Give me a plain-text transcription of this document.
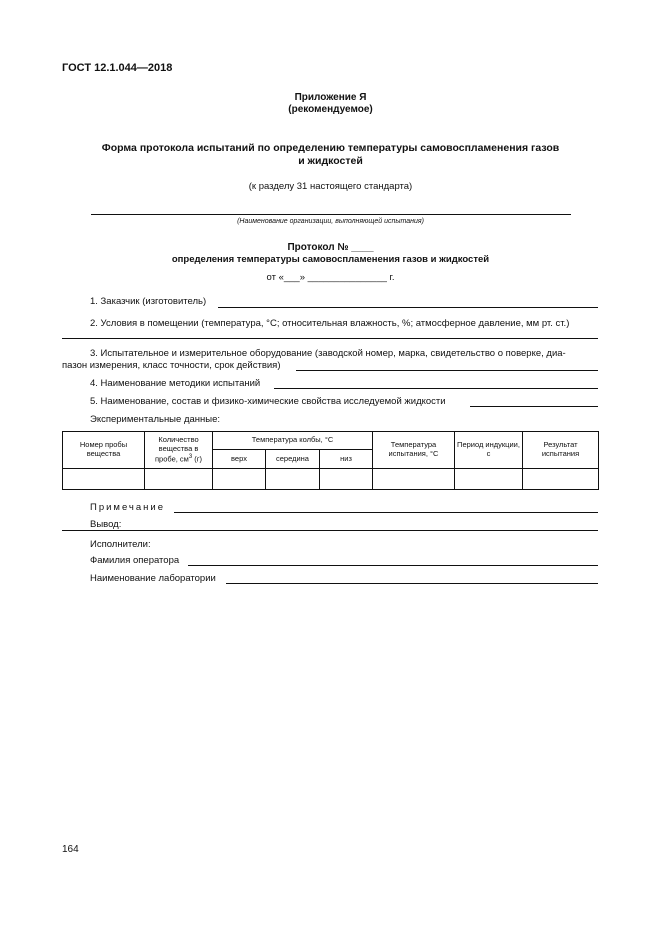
ГОСТ 12.1.044—2018
Приложение Я
(рекомендуемое)
Форма протокола испытаний по определению температуры самовоспламенения газов
и жидкостей
(к разделу 31 настоящего стандарта)
(Наименование организации, выполняющей испытания)
Протокол № ____
определения температуры самовоспламенения газов и жидкостей
от «___» _______________ г.
1. Заказчик (изготовитель)
2. Условия в помещении (температура, °С; относительная влажность, %; атмосферное давление, мм рт. ст.)
3. Испытательное и измерительное оборудование (заводской номер, марка, свидетельство о поверке, диа-
пазон измерения, класс точности, срок действия)
4. Наименование методики испытаний
5. Наименование, состав и физико-химические свойства исследуемой жидкости
Экспериментальные данные:
Номер пробы вещества	Количество вещества в пробе, $см^3$ (г)	Температура колбы, °С			Температура испытания, °С	Период индукции, с	Результат испытания
		верх	середина	низ			

Примечание
Вывод:
Исполнители:
Фамилия оператора
Наименование лаборатории
164
